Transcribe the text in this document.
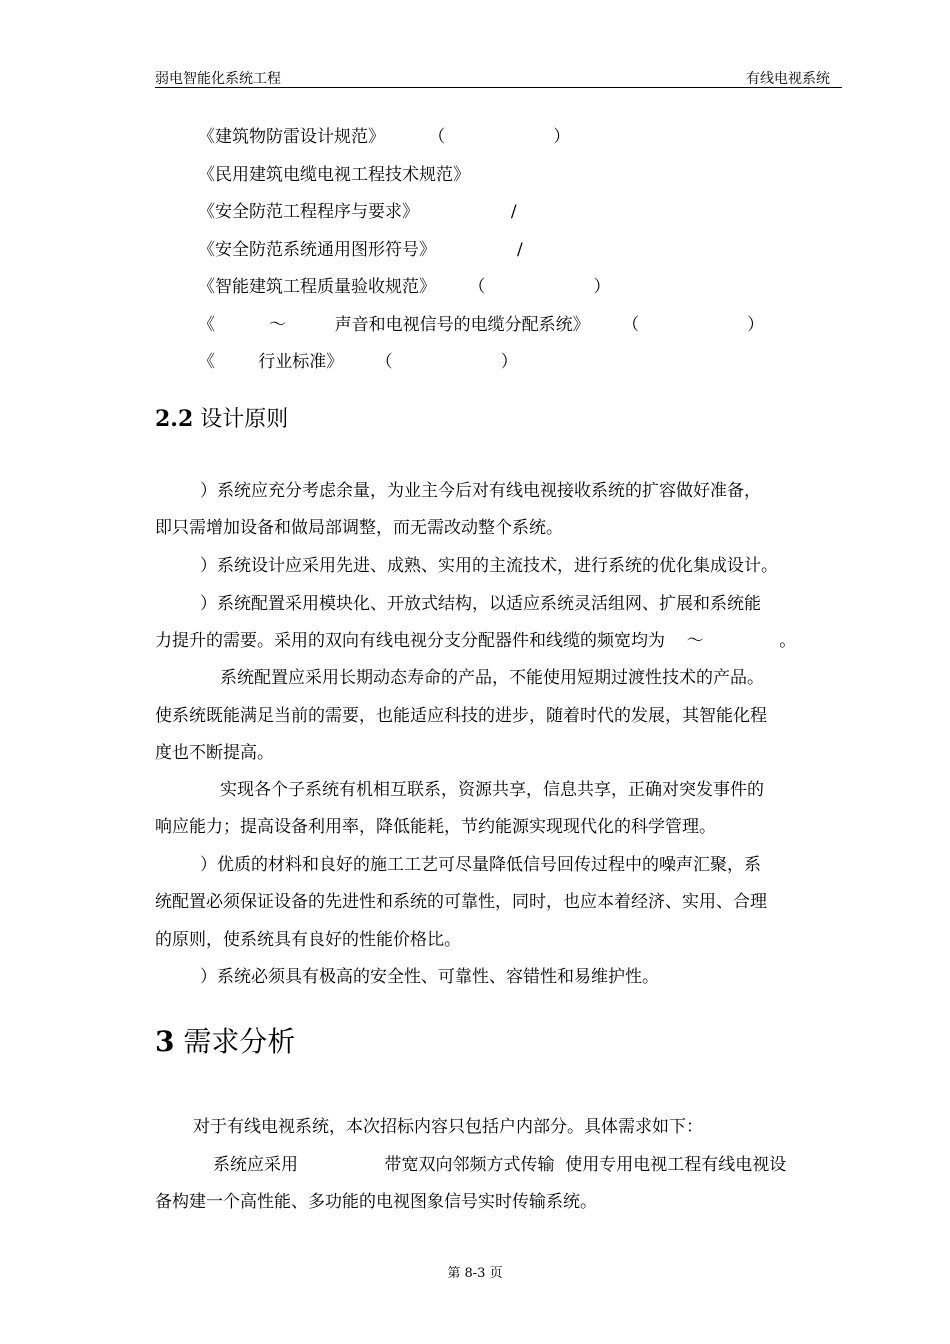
弱电智能化系统工程	有线电视系统
《建筑物防雷设计规范》        （                    ）
《民用建筑电缆电视工程技术规范》
《安全防范工程程序与要求》                 /
《安全防范系统通用图形符号》               /
《智能建筑工程质量验收规范》      （                    ）
《          ～         声音和电视信号的电缆分配系统》      （                    ）
《        行业标准》      （                    ）
2.2 设计原则
）系统应充分考虑余量，为业主今后对有线电视接收系统的扩容做好准备，
即只需增加设备和做局部调整，而无需改动整个系统。
）系统设计应采用先进、成熟、实用的主流技术，进行系统的优化集成设计。
）系统配置采用模块化、开放式结构，以适应系统灵活组网、扩展和系统能
力提升的需要。采用的双向有线电视分支分配器件和线缆的频宽均为    ～              。
系统配置应采用长期动态寿命的产品，不能使用短期过渡性技术的产品。
使系统既能满足当前的需要，也能适应科技的进步，随着时代的发展，其智能化程
度也不断提高。
实现各个子系统有机相互联系，资源共享，信息共享，正确对突发事件的
响应能力；提高设备利用率，降低能耗，节约能源实现现代化的科学管理。
）优质的材料和良好的施工工艺可尽量降低信号回传过程中的噪声汇聚，系
统配置必须保证设备的先进性和系统的可靠性，同时，也应本着经济、实用、合理
的原则，使系统具有良好的性能价格比。
）系统必须具有极高的安全性、可靠性、容错性和易维护性。
3 需求分析
对于有线电视系统，本次招标内容只包括户内部分。具体需求如下：
系统应采用                带宽双向邻频方式传输  使用专用电视工程有线电视设
备构建一个高性能、多功能的电视图象信号实时传输系统。
第 8-3 页
